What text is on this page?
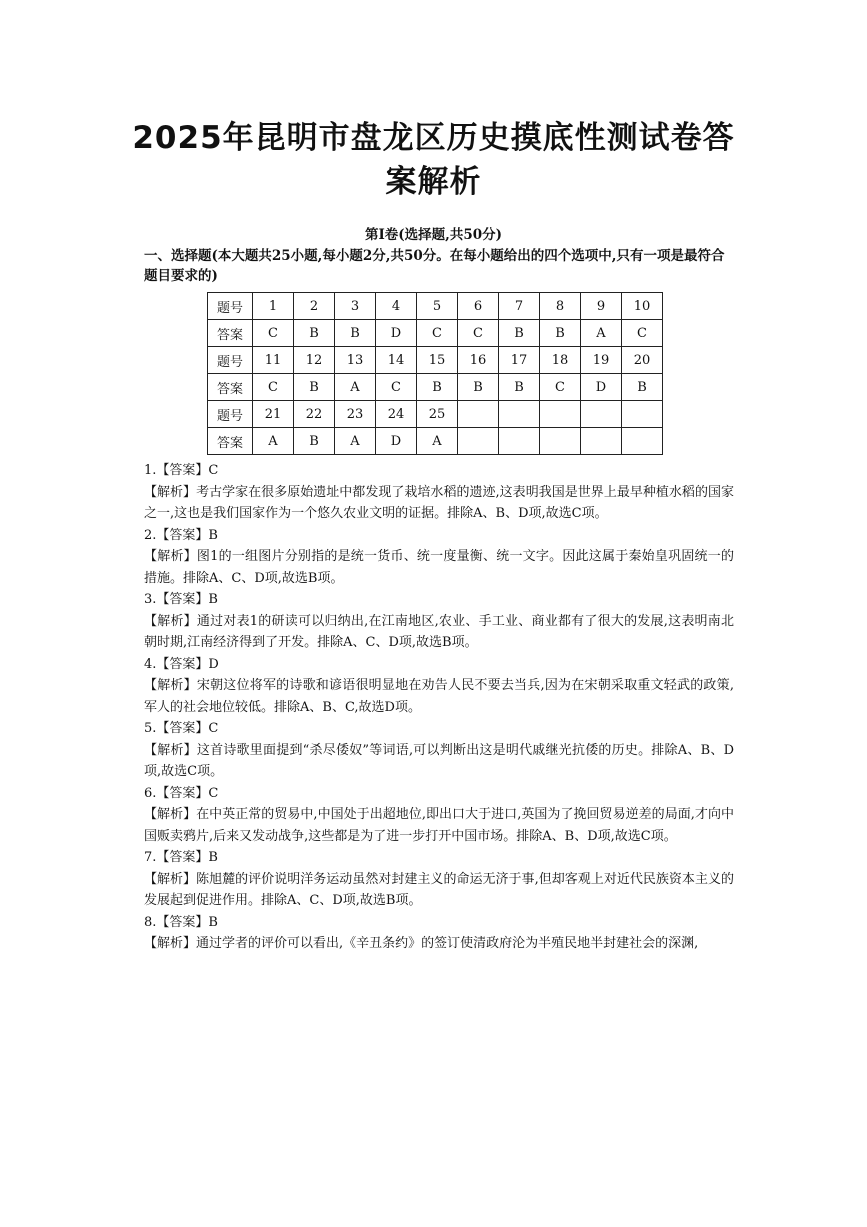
2025年昆明市盘龙区历史摸底性测试卷答
案解析
第Ⅰ卷(选择题,共50分)
一、选择题(本大题共25小题,每小题2分,共50分。在每小题给出的四个选项中,只有一项是最符合题目要求的)
题号	1	2	3	4	5	6	7	8	9	10
答案	C	B	B	D	C	C	B	B	A	C
题号	11	12	13	14	15	16	17	18	19	20
答案	C	B	A	C	B	B	B	C	D	B
题号	21	22	23	24	25					
答案	A	B	A	D	A					
1.【答案】C
【解析】考古学家在很多原始遗址中都发现了栽培水稻的遗迹,这表明我国是世界上最早种植水稻的国家之一,这也是我们国家作为一个悠久农业文明的证据。排除A、B、D项,故选C项。
2.【答案】B
【解析】图1的一组图片分别指的是统一货币、统一度量衡、统一文字。因此这属于秦始皇巩固统一的措施。排除A、C、D项,故选B项。
3.【答案】B
【解析】通过对表1的研读可以归纳出,在江南地区,农业、手工业、商业都有了很大的发展,这表明南北朝时期,江南经济得到了开发。排除A、C、D项,故选B项。
4.【答案】D
【解析】宋朝这位将军的诗歌和谚语很明显地在劝告人民不要去当兵,因为在宋朝采取重文轻武的政策,军人的社会地位较低。排除A、B、C,故选D项。
5.【答案】C
【解析】这首诗歌里面提到“杀尽倭奴”等词语,可以判断出这是明代戚继光抗倭的历史。排除A、B、D项,故选C项。
6.【答案】C
【解析】在中英正常的贸易中,中国处于出超地位,即出口大于进口,英国为了挽回贸易逆差的局面,才向中国贩卖鸦片,后来又发动战争,这些都是为了进一步打开中国市场。排除A、B、D项,故选C项。
7.【答案】B
【解析】陈旭麓的评价说明洋务运动虽然对封建主义的命运无济于事,但却客观上对近代民族资本主义的发展起到促进作用。排除A、C、D项,故选B项。
8.【答案】B
【解析】通过学者的评价可以看出,《辛丑条约》的签订使清政府沦为半殖民地半封建社会的深渊,
